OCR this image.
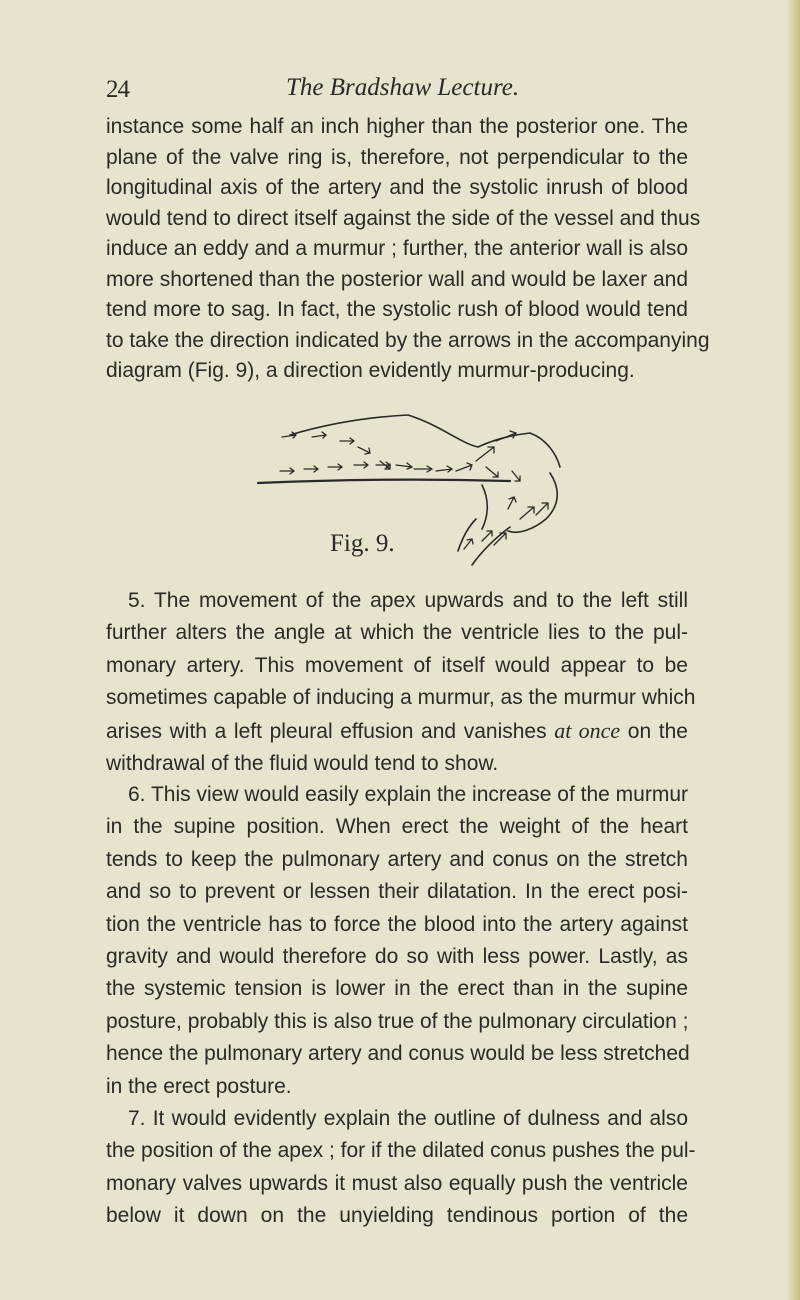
24	The Bradshaw Lecture.
instance some half an inch higher than the posterior one. The
plane of the valve ring is, therefore, not perpendicular to the
longitudinal axis of the artery and the systolic inrush of blood
would tend to direct itself against the side of the vessel and thus
induce an eddy and a murmur ; further, the anterior wall is also
more shortened than the posterior wall and would be laxer and
tend more to sag. In fact, the systolic rush of blood would tend
to take the direction indicated by the arrows in the accompanying
diagram (Fig. 9), a direction evidently murmur-producing.
Fig. 9.
5. The movement of the apex upwards and to the left still
further alters the angle at which the ventricle lies to the pul-
monary artery. This movement of itself would appear to be
sometimes capable of inducing a murmur, as the murmur which
arises with a left pleural effusion and vanishes at once on the
withdrawal of the fluid would tend to show.
6. This view would easily explain the increase of the murmur
in the supine position. When erect the weight of the heart
tends to keep the pulmonary artery and conus on the stretch
and so to prevent or lessen their dilatation. In the erect posi-
tion the ventricle has to force the blood into the artery against
gravity and would therefore do so with less power. Lastly, as
the systemic tension is lower in the erect than in the supine
posture, probably this is also true of the pulmonary circulation ;
hence the pulmonary artery and conus would be less stretched
in the erect posture.
7. It would evidently explain the outline of dulness and also
the position of the apex ; for if the dilated conus pushes the pul-
monary valves upwards it must also equally push the ventricle
below it down on the unyielding tendinous portion of the
